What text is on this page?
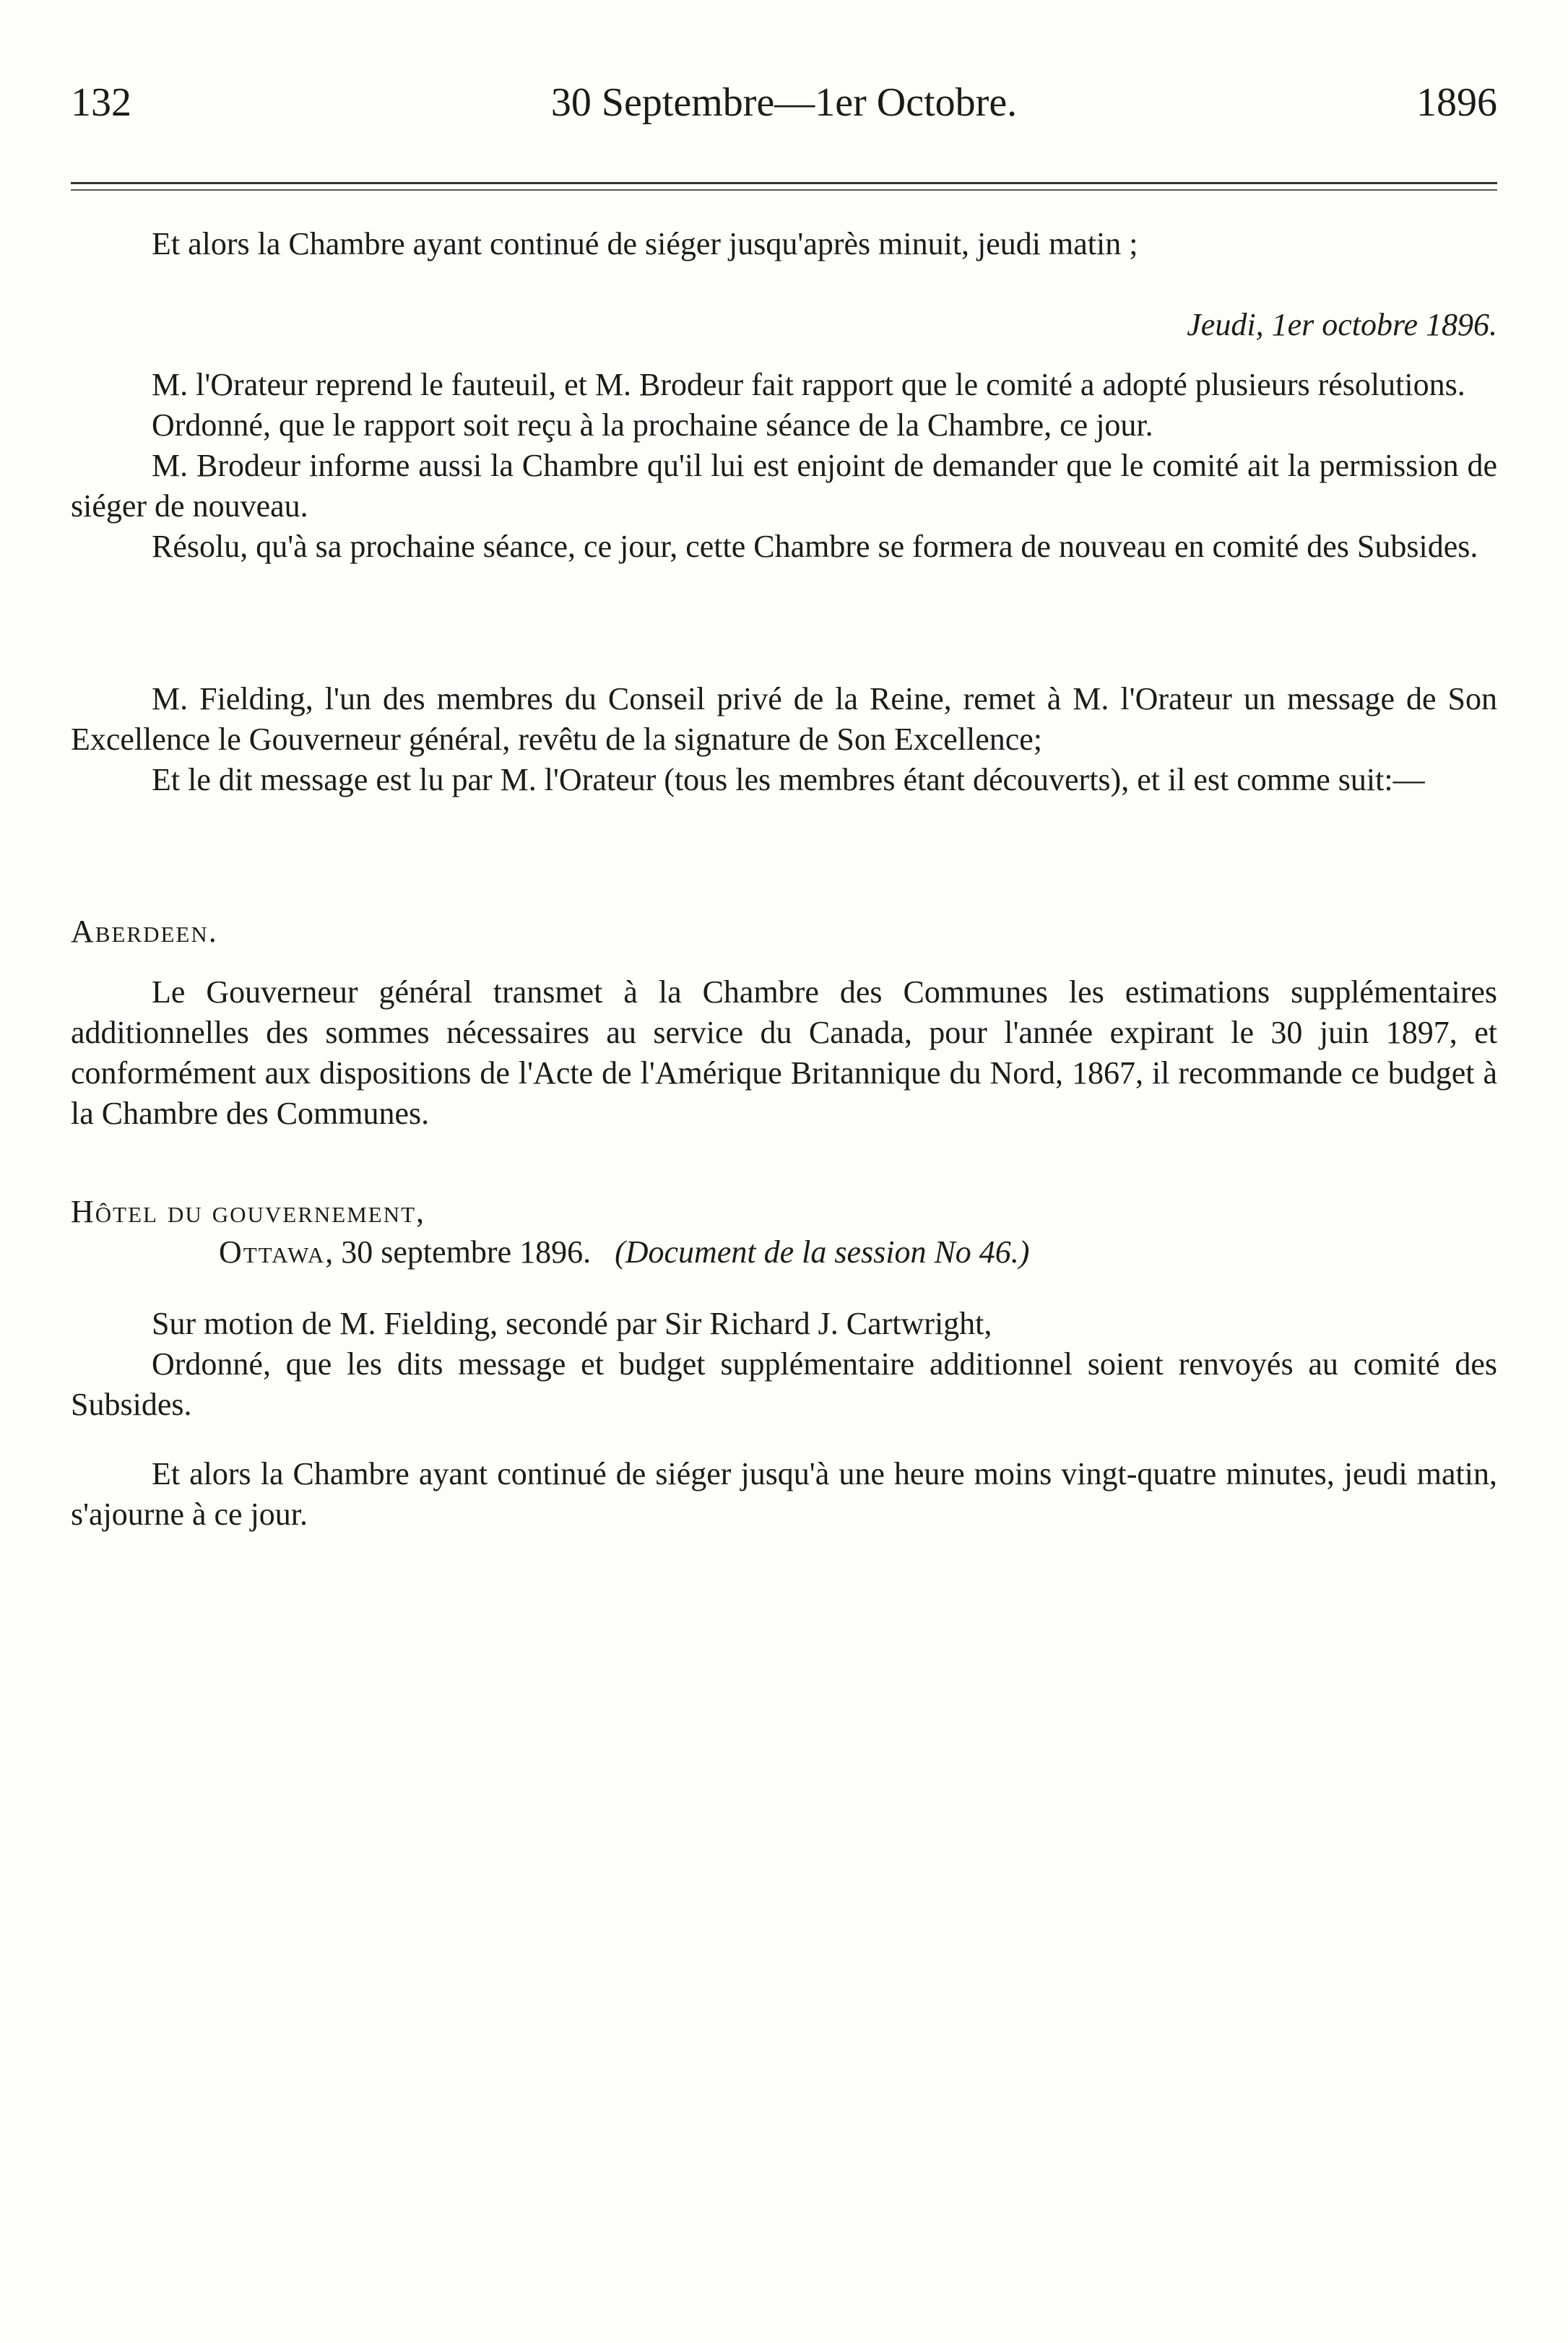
132	30 Septembre—1er Octobre.	1896

Et alors la Chambre ayant continué de siéger jusqu'après minuit, jeudi matin ;

Jeudi, 1er octobre 1896.

M. l'Orateur reprend le fauteuil, et M. Brodeur fait rapport que le comité a adopté plusieurs résolutions.

Ordonné, que le rapport soit reçu à la prochaine séance de la Chambre, ce jour.

M. Brodeur informe aussi la Chambre qu'il lui est enjoint de demander que le comité ait la permission de siéger de nouveau.

Résolu, qu'à sa prochaine séance, ce jour, cette Chambre se formera de nouveau en comité des Subsides.

M. Fielding, l'un des membres du Conseil privé de la Reine, remet à M. l'Orateur un message de Son Excellence le Gouverneur général, revêtu de la signature de Son Excellence;

Et le dit message est lu par M. l'Orateur (tous les membres étant découverts), et il est comme suit:—

Aberdeen.

Le Gouverneur général transmet à la Chambre des Communes les estimations supplémentaires additionnelles des sommes nécessaires au service du Canada, pour l'année expirant le 30 juin 1897, et conformément aux dispositions de l'Acte de l'Amérique Britannique du Nord, 1867, il recommande ce budget à la Chambre des Communes.

Hôtel du gouvernement,

Ottawa, 30 septembre 1896. (Document de la session No 46.)

Sur motion de M. Fielding, secondé par Sir Richard J. Cartwright,

Ordonné, que les dits message et budget supplémentaire additionnel soient renvoyés au comité des Subsides.

Et alors la Chambre ayant continué de siéger jusqu'à une heure moins vingt-quatre minutes, jeudi matin, s'ajourne à ce jour.
